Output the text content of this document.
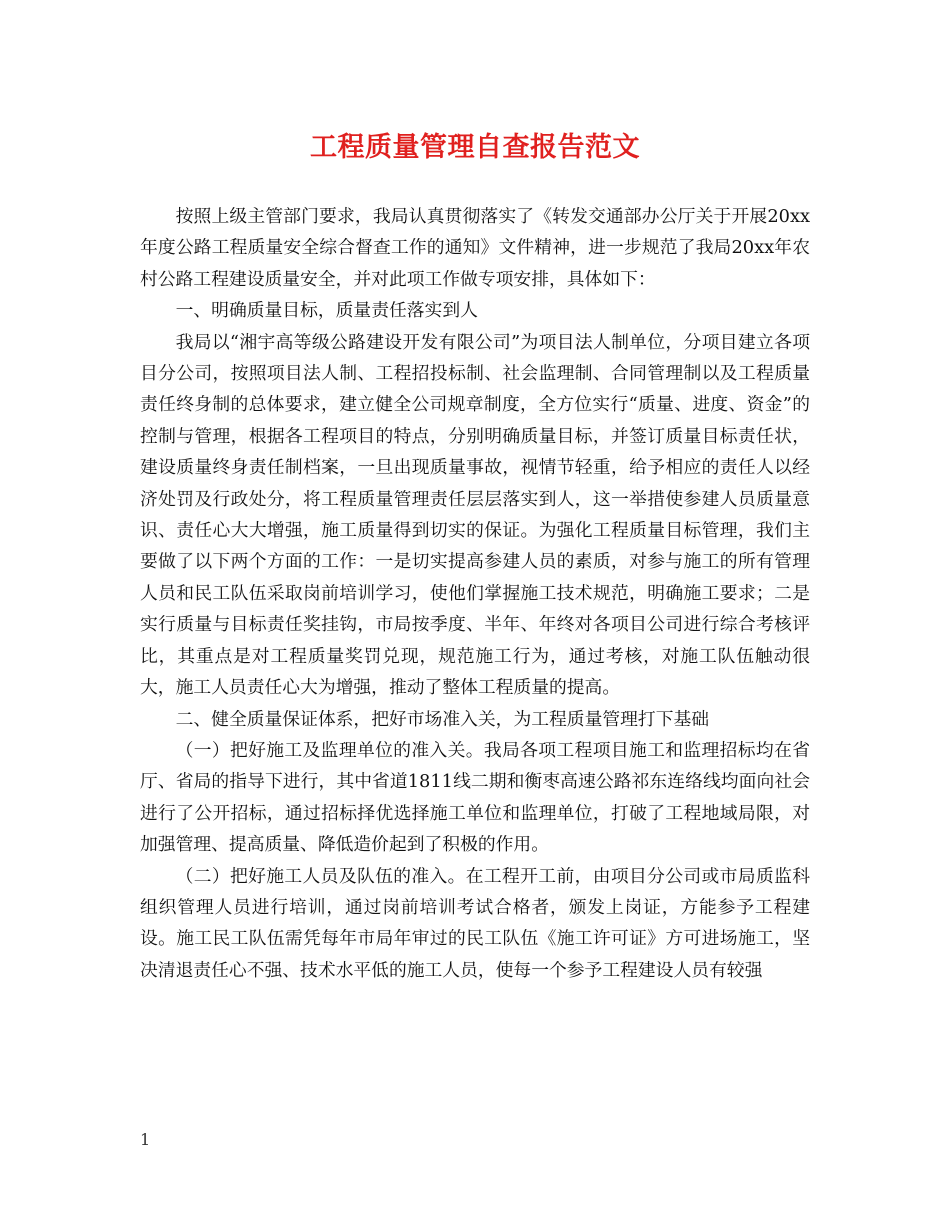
工程质量管理自查报告范文

按照上级主管部门要求，我局认真贯彻落实了《转发交通部办公厅关于开展20xx年度公路工程质量安全综合督查工作的通知》文件精神，进一步规范了我局20xx年农村公路工程建设质量安全，并对此项工作做专项安排，具体如下：

一、明确质量目标，质量责任落实到人

我局以“湘宇高等级公路建设开发有限公司”为项目法人制单位，分项目建立各项目分公司，按照项目法人制、工程招投标制、社会监理制、合同管理制以及工程质量责任终身制的总体要求，建立健全公司规章制度，全方位实行“质量、进度、资金”的控制与管理，根据各工程项目的特点，分别明确质量目标，并签订质量目标责任状，建设质量终身责任制档案，一旦出现质量事故，视情节轻重，给予相应的责任人以经济处罚及行政处分，将工程质量管理责任层层落实到人，这一举措使参建人员质量意识、责任心大大增强，施工质量得到切实的保证。为强化工程质量目标管理，我们主要做了以下两个方面的工作：一是切实提高参建人员的素质，对参与施工的所有管理人员和民工队伍采取岗前培训学习，使他们掌握施工技术规范，明确施工要求；二是实行质量与目标责任奖挂钩，市局按季度、半年、年终对各项目公司进行综合考核评比，其重点是对工程质量奖罚兑现，规范施工行为，通过考核，对施工队伍触动很大，施工人员责任心大为增强，推动了整体工程质量的提高。

二、健全质量保证体系，把好市场准入关，为工程质量管理打下基础

（一）把好施工及监理单位的准入关。我局各项工程项目施工和监理招标均在省厅、省局的指导下进行，其中省道1811线二期和衡枣高速公路祁东连络线均面向社会进行了公开招标，通过招标择优选择施工单位和监理单位，打破了工程地域局限，对加强管理、提高质量、降低造价起到了积极的作用。

（二）把好施工人员及队伍的准入。在工程开工前，由项目分公司或市局质监科组织管理人员进行培训，通过岗前培训考试合格者，颁发上岗证，方能参予工程建设。施工民工队伍需凭每年市局年审过的民工队伍《施工许可证》方可进场施工，坚决清退责任心不强、技术水平低的施工人员，使每一个参予工程建设人员有较强

1
